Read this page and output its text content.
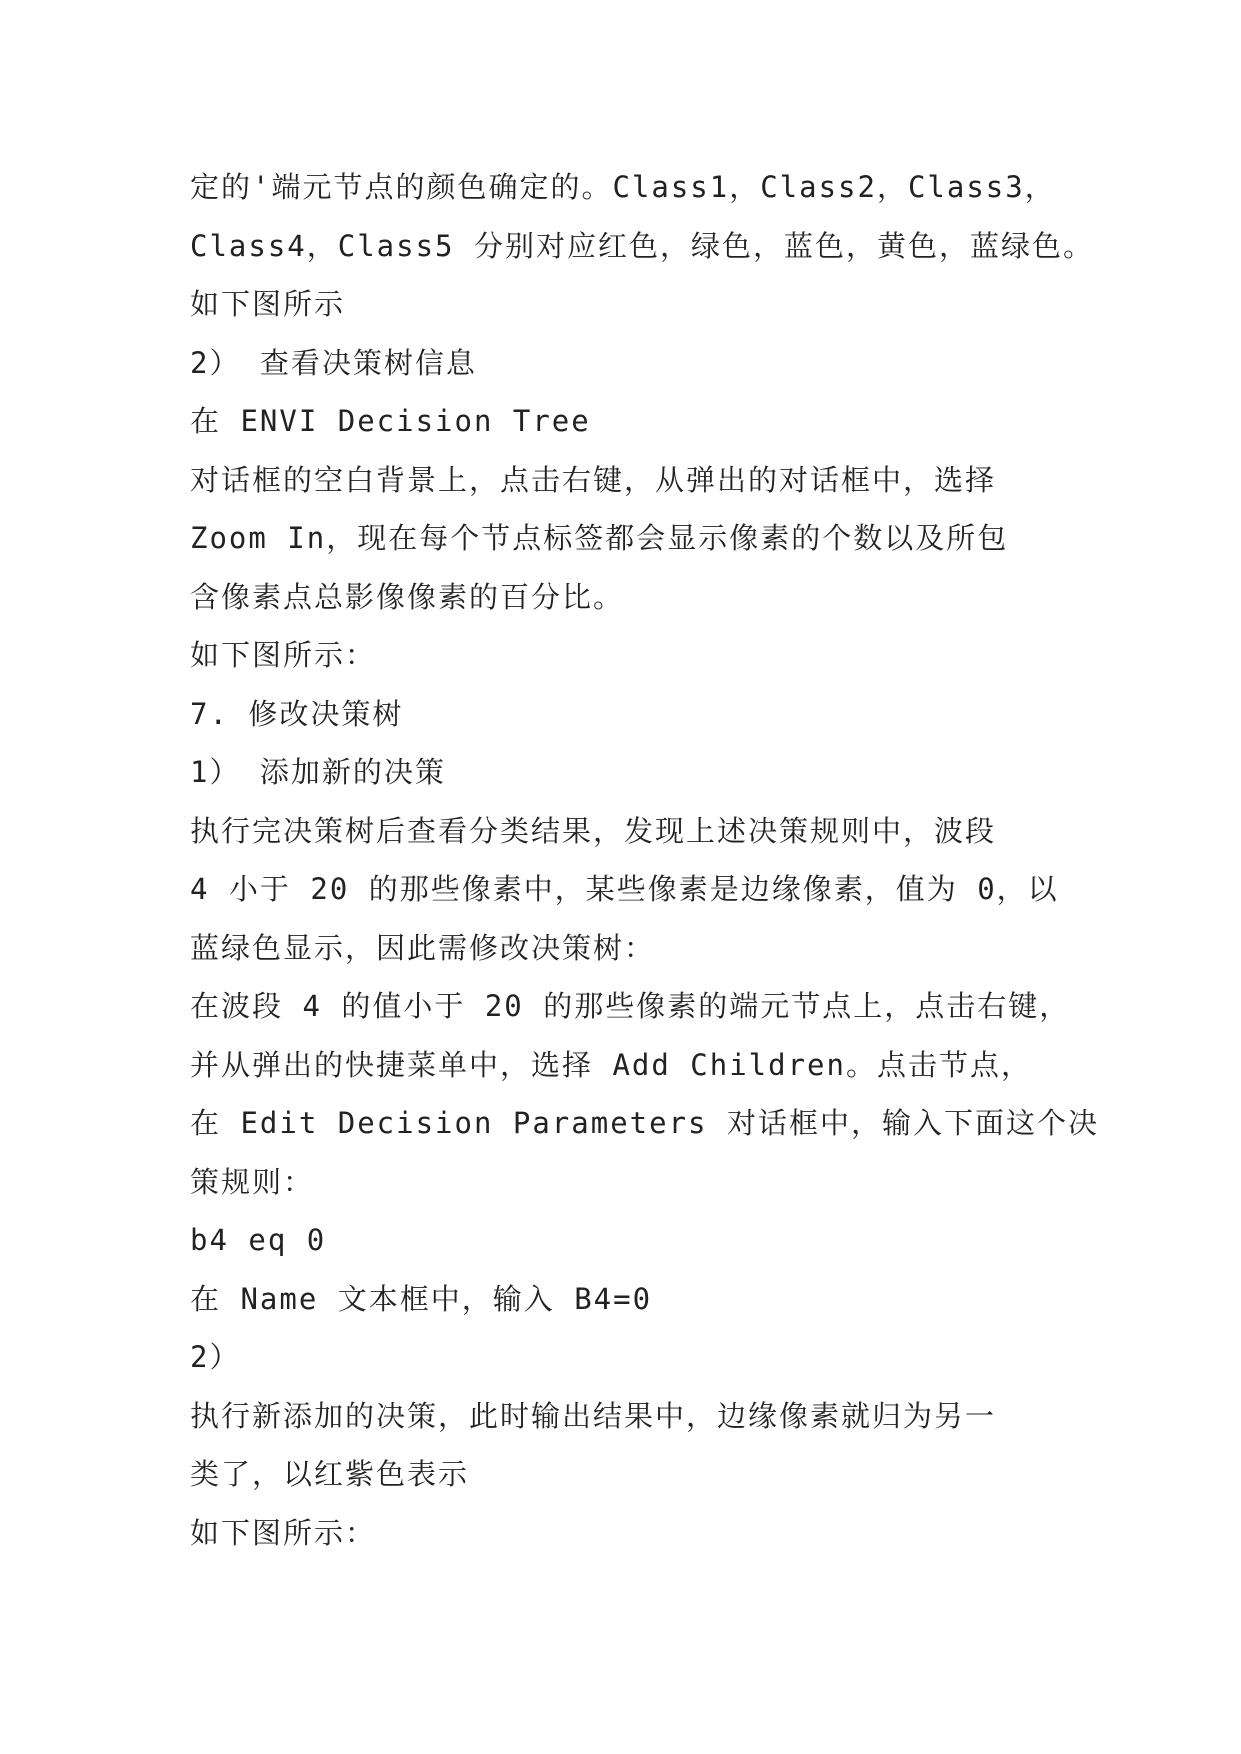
定的'端元节点的颜色确定的。Class1，Class2，Class3，
Class4，Class5 分别对应红色，绿色，蓝色，黄色，蓝绿色。
如下图所示
2） 查看决策树信息
在 ENVI Decision Tree
对话框的空白背景上，点击右键，从弹出的对话框中，选择
Zoom In，现在每个节点标签都会显示像素的个数以及所包
含像素点总影像像素的百分比。
如下图所示：
7. 修改决策树
1） 添加新的决策
执行完决策树后查看分类结果，发现上述决策规则中，波段
4 小于 20 的那些像素中，某些像素是边缘像素，值为 0，以
蓝绿色显示，因此需修改决策树：
在波段 4 的值小于 20 的那些像素的端元节点上，点击右键，
并从弹出的快捷菜单中，选择 Add Children。点击节点，
在 Edit Decision Parameters 对话框中，输入下面这个决
策规则：
b4 eq 0
在 Name 文本框中，输入 B4=0
2）
执行新添加的决策，此时输出结果中，边缘像素就归为另一
类了，以红紫色表示
如下图所示：
